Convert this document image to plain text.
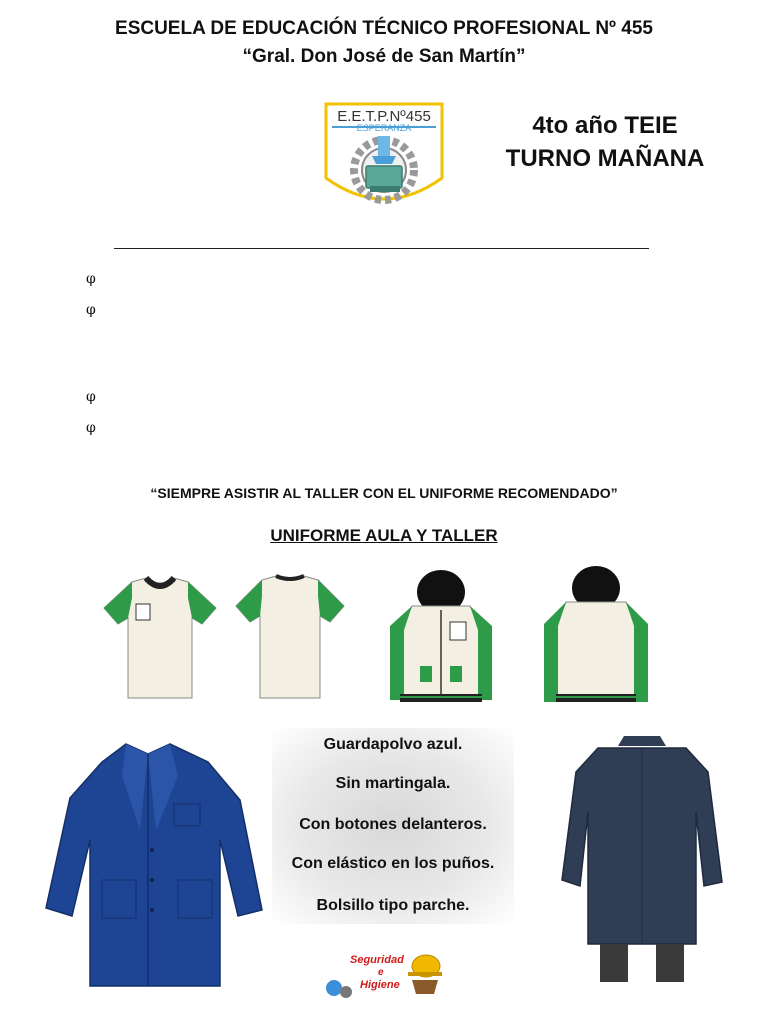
ESCUELA DE EDUCACIÓN TÉCNICO PROFESIONAL Nº 455
“Gral. Don José de San Martín”
E.E.T.P.Nº455	4to año TEIE
TURNO MAÑANA
φ
φ
φ
φ
“SIEMPRE ASISTIR AL TALLER CON EL UNIFORME RECOMENDADO”
UNIFORME AULA Y TALLER
Guardapolvo azul.
Sin martingala.
Con botones delanteros.
Con elástico en los puños.
Bolsillo tipo parche.
Seguridad
e
Higiene
